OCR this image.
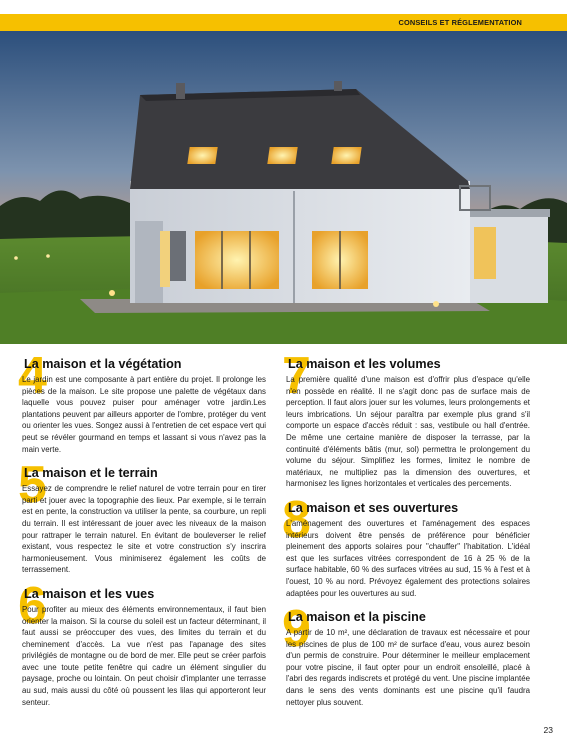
CONSEILS ET RÉGLEMENTATION
4
La maison et la végétation

Le jardin est une composante à part entière du projet. Il prolonge les pièces de la maison. Le site propose une palette de végétaux dans laquelle vous pouvez puiser pour aménager votre jardin.Les plantations peuvent par ailleurs apporter de l'ombre, protéger du vent ou orienter les vues. Songez aussi à l'entretien de cet espace vert qui peut se révéler gourmand en temps et lassant si vous n'avez pas la main verte.

5
La maison et le terrain

Essayez de comprendre le relief naturel de votre terrain pour en tirer parti et jouer avec la topographie des lieux. Par exemple, si le terrain est en pente, la construction va utiliser la pente, sa courbure, un repli du terrain. Il est intéressant de jouer avec les niveaux de la maison pour rattraper le terrain naturel. En évitant de bouleverser le relief existant, vous respectez le site et votre construction s'y inscrira harmonieusement. Vous minimiserez également les coûts de terrassement.

6
La maison et les vues

Pour profiter au mieux des éléments environnementaux, il faut bien orienter la maison. Si la course du soleil est un facteur déterminant, il faut aussi se préoccuper des vues, des limites du terrain et du cheminement d'accès. La vue n'est pas l'apanage des sites privilégiés de montagne ou de bord de mer. Elle peut se créer parfois avec une toute petite fenêtre qui cadre un élément singulier du paysage, proche ou lointain. On peut choisir d'implanter une terrasse au sud, mais aussi du côté où poussent les lilas qui apporteront leur senteur.

7
La maison et les volumes

La première qualité d'une maison est d'offrir plus d'espace qu'elle n'en possède en réalité. Il ne s'agit donc pas de surface mais de perception. Il faut alors jouer sur les volumes, leurs prolongements et leurs imbrications. Un séjour paraîtra par exemple plus grand s'il comporte un espace d'accès réduit : sas, vestibule ou hall d'entrée. De même une certaine manière de disposer la terrasse, par la continuité d'éléments bâtis (mur, sol) permettra le prolongement du volume du séjour. Simplifiez les formes, limitez le nombre de matériaux, ne multipliez pas la dimension des ouvertures, et harmonisez les lignes horizontales et verticales des percements.

8
La maison et ses ouvertures

L'aménagement des ouvertures et l'aménagement des espaces intérieurs doivent être pensés de préférence pour bénéficier pleinement des apports solaires pour "chauffer" l'habitation. L'idéal est que les surfaces vitrées correspondent de 16 à 25 % de la surface habitable, 60 % des surfaces vitrées au sud, 15 % à l'est et à l'ouest, 10 % au nord. Prévoyez également des protections solaires adaptées pour les ouvertures au sud.

9
La maison et la piscine

A partir de 10 m², une déclaration de travaux est nécessaire et pour les piscines de plus de 100 m² de surface d'eau, vous aurez besoin d'un permis de construire. Pour déterminer le meilleur emplacement pour votre piscine, il faut opter pour un endroit ensoleillé, placé à l'abri des regards indiscrets et protégé du vent. Une piscine implantée dans le sens des vents dominants est une piscine qu'il faudra nettoyer plus souvent.

23
